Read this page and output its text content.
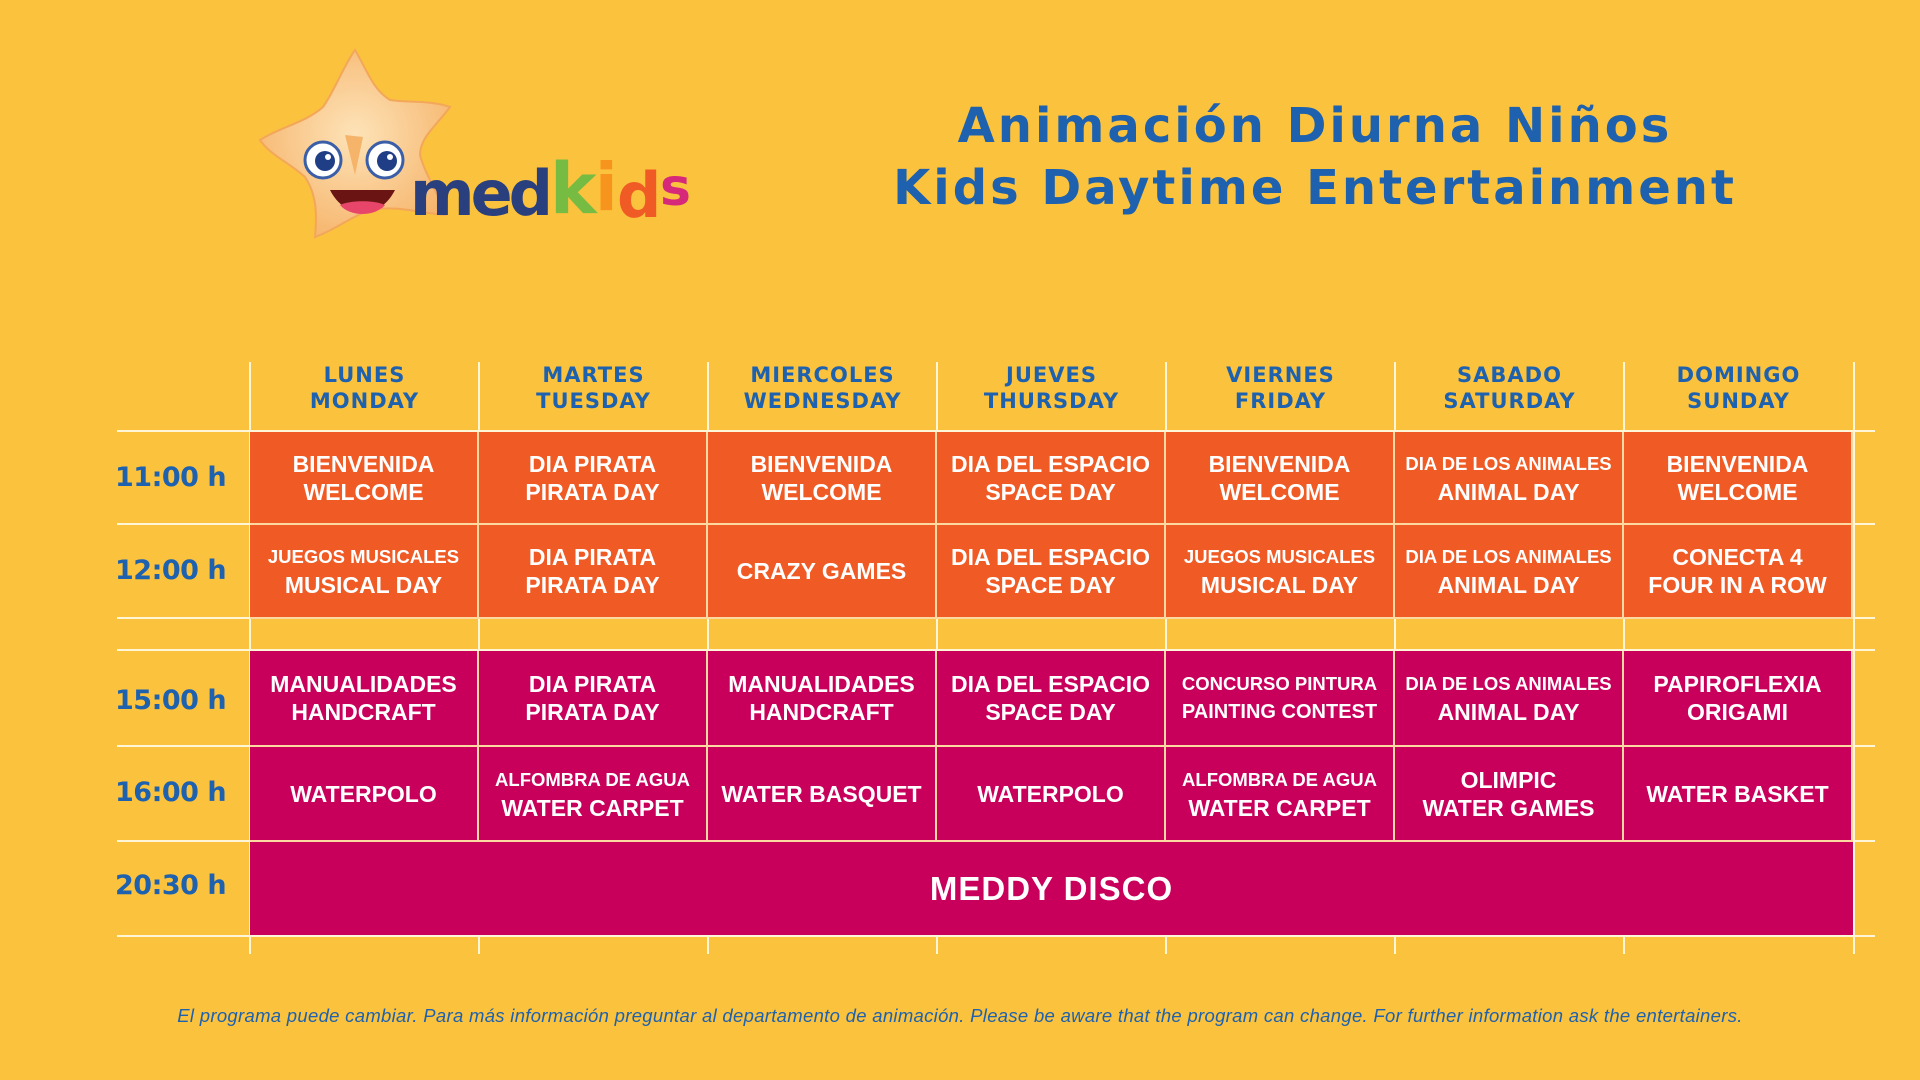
med k
i d
s
Animación Diurna Niños
Kids Daytime Entertainment
LUNES
MONDAY
MARTES
TUESDAY
MIERCOLES
WEDNESDAY
JUEVES
THURSDAY
VIERNES
FRIDAY
SABADO
SATURDAY
DOMINGO
SUNDAY
11:00 h
12:00 h
15:00 h
16:00 h
20:30 h
BIENVENIDA
WELCOME
DIA PIRATA
PIRATA DAY
BIENVENIDA
WELCOME
DIA DEL ESPACIO
SPACE DAY
BIENVENIDA
WELCOME
DIA DE LOS ANIMALES
ANIMAL DAY
BIENVENIDA
WELCOME
JUEGOS MUSICALES
MUSICAL DAY
DIA PIRATA
PIRATA DAY
CRAZY GAMES
DIA DEL ESPACIO
SPACE DAY
JUEGOS MUSICALES
MUSICAL DAY
DIA DE LOS ANIMALES
ANIMAL DAY
CONECTA 4
FOUR IN A ROW
MANUALIDADES
HANDCRAFT
DIA PIRATA
PIRATA DAY
MANUALIDADES
HANDCRAFT
DIA DEL ESPACIO
SPACE DAY
CONCURSO PINTURA
PAINTING CONTEST
DIA DE LOS ANIMALES
ANIMAL DAY
PAPIROFLEXIA
ORIGAMI
WATERPOLO
ALFOMBRA DE AGUA
WATER CARPET
WATER BASQUET WATERPOLO
ALFOMBRA DE AGUA
WATER CARPET
OLIMPIC
WATER GAMES
WATER BASKET
MEDDY DISCO
El programa puede cambiar. Para más información preguntar al departamento de animación. Please be aware that the program can change. For further information ask the entertainers.
